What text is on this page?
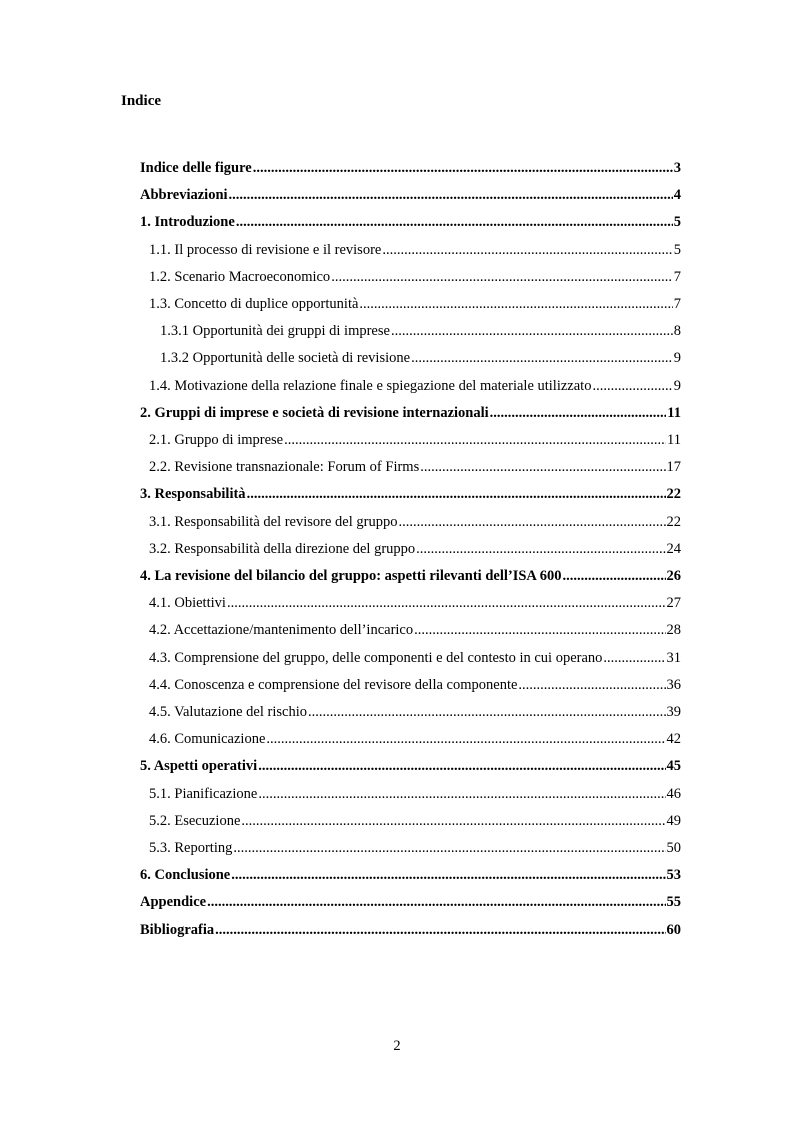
Indice
Indice delle figure .....	3
Abbreviazioni .....	4
1. Introduzione .....	5
1.1. Il processo di revisione e il revisore .....	5
1.2. Scenario Macroeconomico .....	7
1.3. Concetto di duplice opportunità .....	7
1.3.1 Opportunità dei gruppi di imprese .....	8
1.3.2 Opportunità delle società di revisione .....	9
1.4. Motivazione della relazione finale e spiegazione del materiale utilizzato .....	9
2. Gruppi di imprese e società di revisione internazionali .....	11
2.1. Gruppo di imprese .....	11
2.2. Revisione transnazionale: Forum of Firms .....	17
3. Responsabilità .....	22
3.1. Responsabilità del revisore del gruppo .....	22
3.2. Responsabilità della direzione del gruppo .....	24
4. La revisione del bilancio del gruppo: aspetti rilevanti dell’ISA 600 .....	26
4.1. Obiettivi .....	27
4.2. Accettazione/mantenimento dell’incarico .....	28
4.3. Comprensione del gruppo, delle componenti e del contesto in cui operano .....	31
4.4. Conoscenza e comprensione del revisore della componente .....	36
4.5. Valutazione del rischio .....	39
4.6. Comunicazione .....	42
5. Aspetti operativi .....	45
5.1. Pianificazione .....	46
5.2. Esecuzione .....	49
5.3. Reporting .....	50
6. Conclusione .....	53
Appendice .....	55
Bibliografia .....	60
2
